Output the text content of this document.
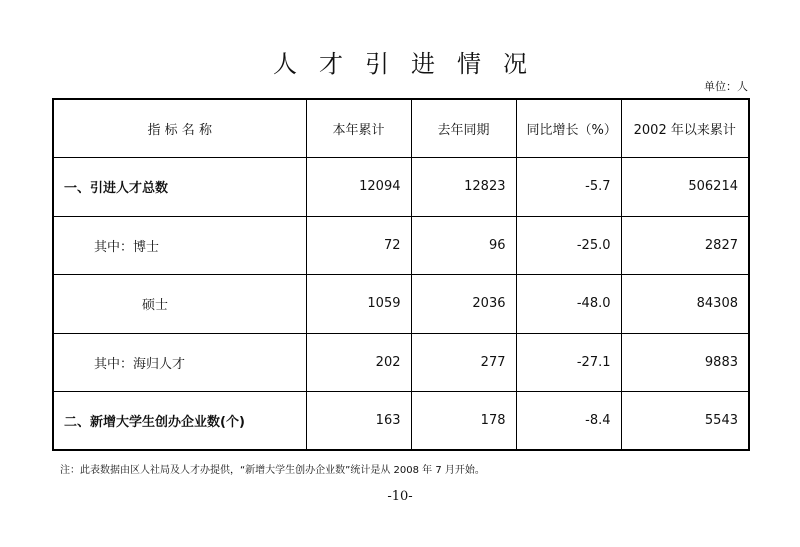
人才引进情况
单位：人
指 标 名 称	本年累计	去年同期	同比增长（%）	2002 年以来累计
一、引进人才总数	12094	12823	-5.7	506214
其中：博士	72	96	-25.0	2827
硕士	1059	2036	-48.0	84308
其中：海归人才	202	277	-27.1	9883
二、新增大学生创办企业数(个)	163	178	-8.4	5543
注：此表数据由区人社局及人才办提供，“新增大学生创办企业数”统计是从 2008 年 7 月开始。
-10-
